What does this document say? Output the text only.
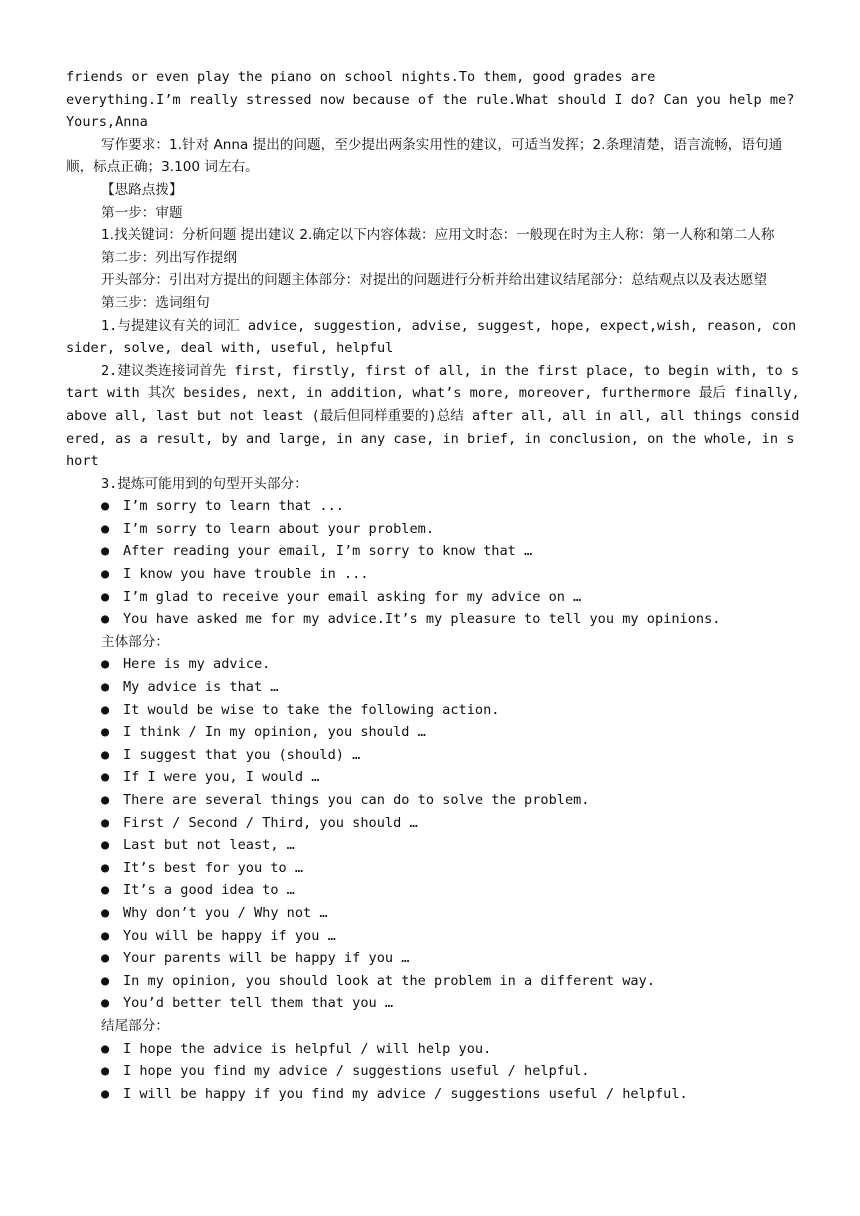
friends or even play the piano on school nights.To them, good grades are

everything.I’m really stressed now because of the rule.What should I do? Can you help me? Yours,Anna

写作要求：1.针对 Anna 提出的问题，至少提出两条实用性的建议，可适当发挥；2.条理清楚，语言流畅，语句通顺，标点正确；3.100 词左右。

【思路点拨】

第一步：审题

1.找关键词：分析问题 提出建议 2.确定以下内容体裁：应用文时态：一般现在时为主人称：第一人称和第二人称

第二步：列出写作提纲

开头部分：引出对方提出的问题主体部分：对提出的问题进行分析并给出建议结尾部分：总结观点以及表达愿望

第三步：选词组句

1.与提建议有关的词汇 advice, suggestion, advise, suggest, hope, expect,wish, reason, consider, solve, deal with, useful, helpful

2.建议类连接词首先 first, firstly, first of all, in the first place, to begin with, to start with 其次 besides, next, in addition, what’s more, moreover, furthermore 最后 finally, above all, last but not least (最后但同样重要的)总结 after all, all in all, all things considered, as a result, by and large, in any case, in brief, in conclusion, on the whole, in short

3.提炼可能用到的句型开头部分：

● I’m sorry to learn that ...

● I’m sorry to learn about your problem.

● After reading your email, I’m sorry to know that …

● I know you have trouble in ...

● I’m glad to receive your email asking for my advice on …

● You have asked me for my advice.It’s my pleasure to tell you my opinions.

主体部分：

● Here is my advice.

● My advice is that …

● It would be wise to take the following action.

● I think / In my opinion, you should …

● I suggest that you (should) …

● If I were you, I would …

● There are several things you can do to solve the problem.

● First / Second / Third, you should …

● Last but not least, …

● It’s best for you to …

● It’s a good idea to …

● Why don’t you / Why not …

● You will be happy if you …

● Your parents will be happy if you …

● In my opinion, you should look at the problem in a different way.

● You’d better tell them that you …

结尾部分：

● I hope the advice is helpful / will help you.

● I hope you find my advice / suggestions useful / helpful.

● I will be happy if you find my advice / suggestions useful / helpful.
